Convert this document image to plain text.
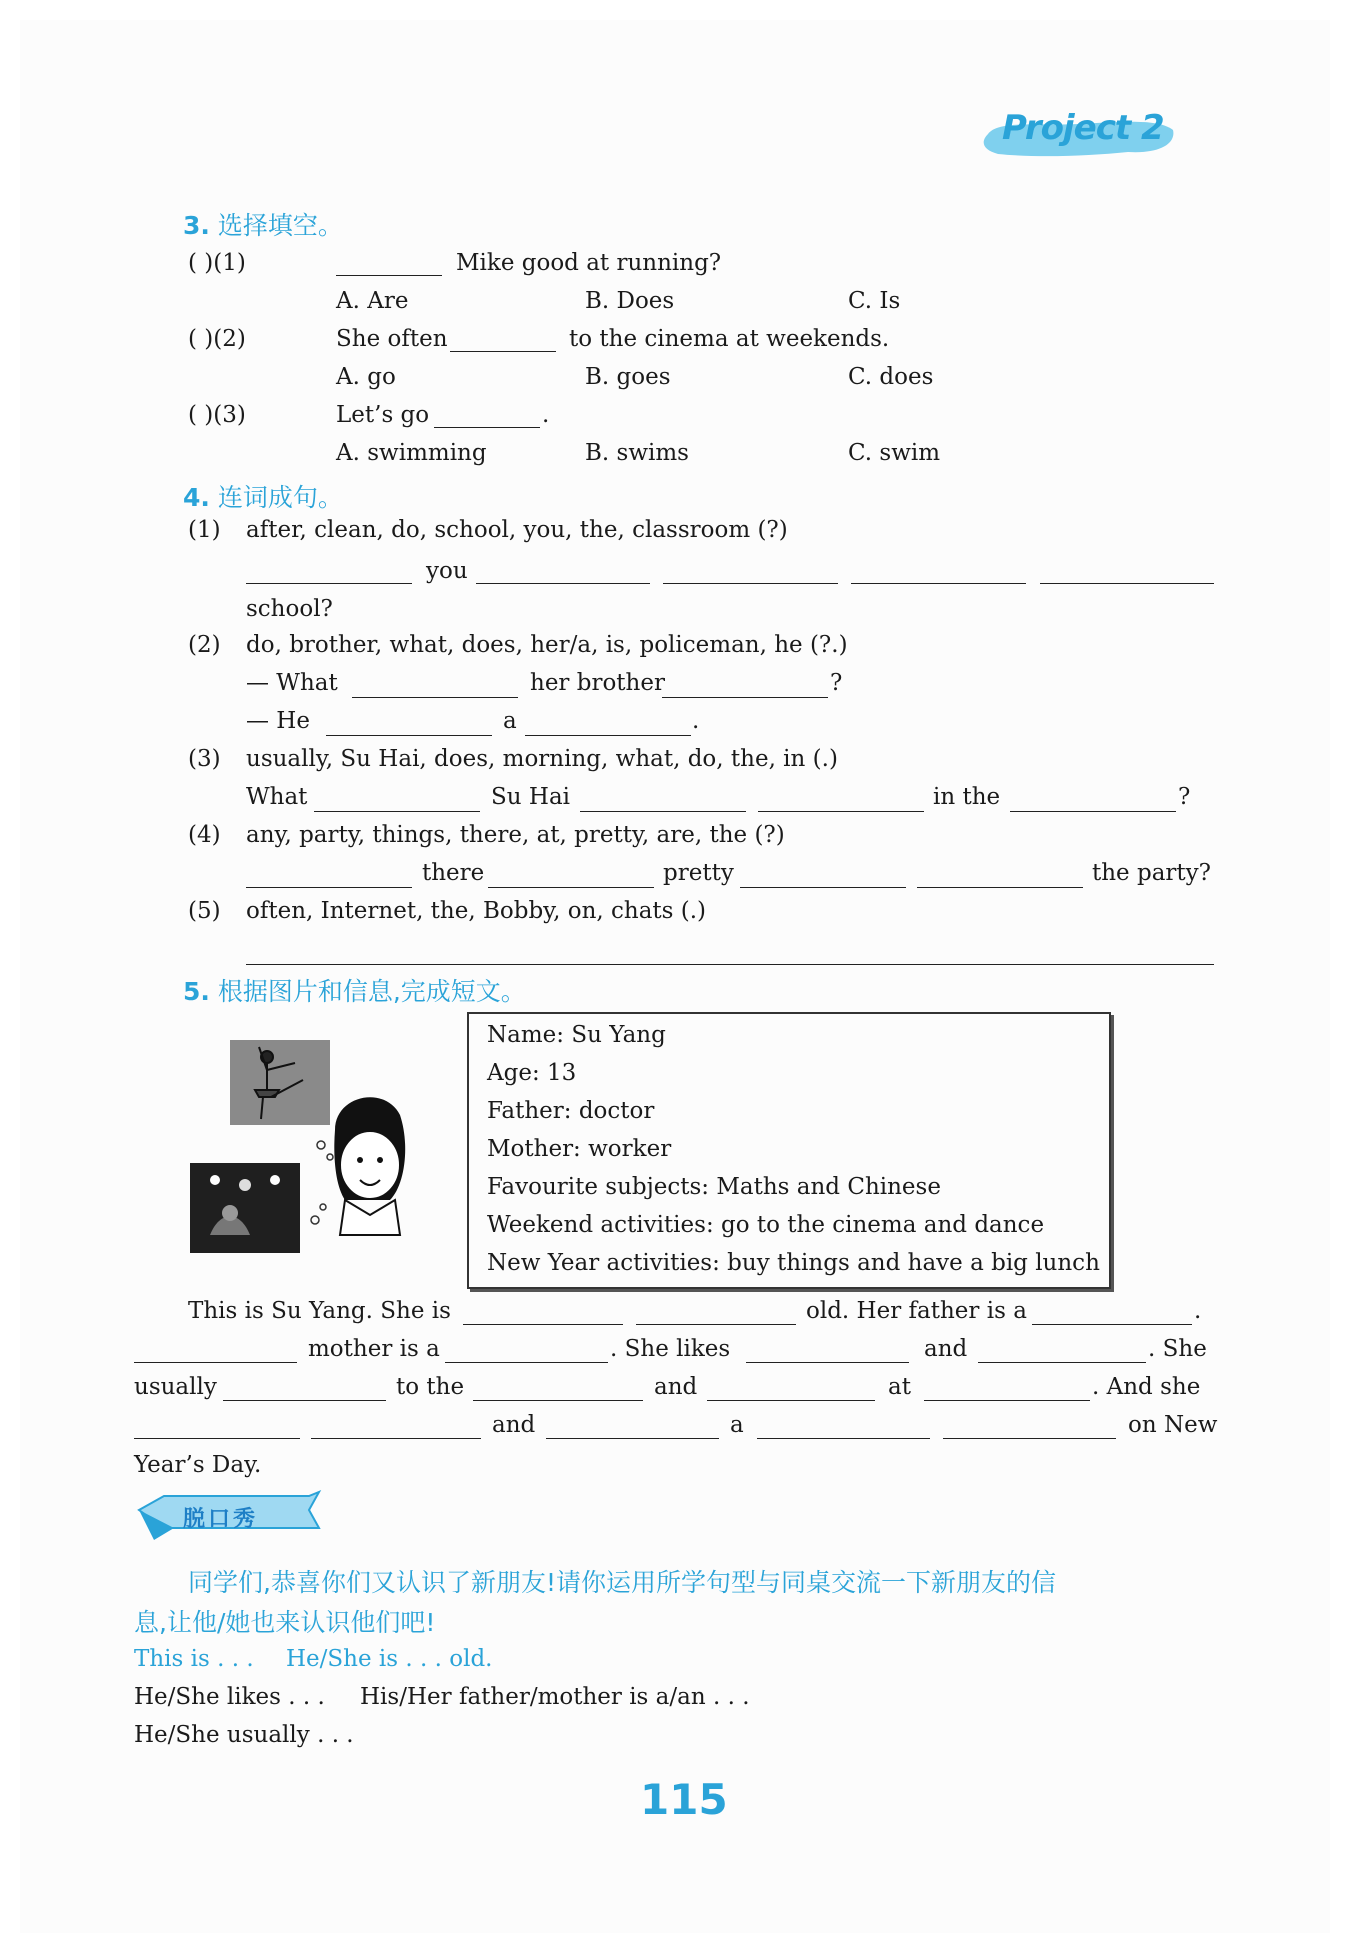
Project 2
3. 选择填空。
( )(1)	Mike good at running?
A. Are	B. Does	C. Is
( )(2)	She often	to the cinema at weekends.
A. go	B. goes	C. does
( )(3)	Let’s go	.
A. swimming	B. swims	C. swim
4. 连词成句。
(1) after, clean, do, school, you, the, classroom (?)
you
school?
(2) do, brother, what, does, her/a, is, policeman, he (?.)
— What	her brother	?
— He	a	.
(3) usually, Su Hai, does, morning, what, do, the, in (.)
What	Su Hai	in the	?
(4) any, party, things, there, at, pretty, are, the (?)
there	pretty	the party?
(5) often, Internet, the, Bobby, on, chats (.)
5. 根据图片和信息,完成短文。
Name: Su Yang
Age: 13
Father: doctor
Mother: worker
Favourite subjects: Maths and Chinese
Weekend activities: go to the cinema and dance
New Year activities: buy things and have a big lunch
This is Su Yang. She is	old. Her father is a	.
mother is a	. She likes	and	. She
usually	to the	and	at	. And she
and	a	on New
Year’s Day.
脱口秀
同学们,恭喜你们又认识了新朋友!请你运用所学句型与同桌交流一下新朋友的信
息,让他/她也来认识他们吧!
This is . . . He/She is . . . old.
He/She likes . . . His/Her father/mother is a/an . . .
He/She usually . . .
115
